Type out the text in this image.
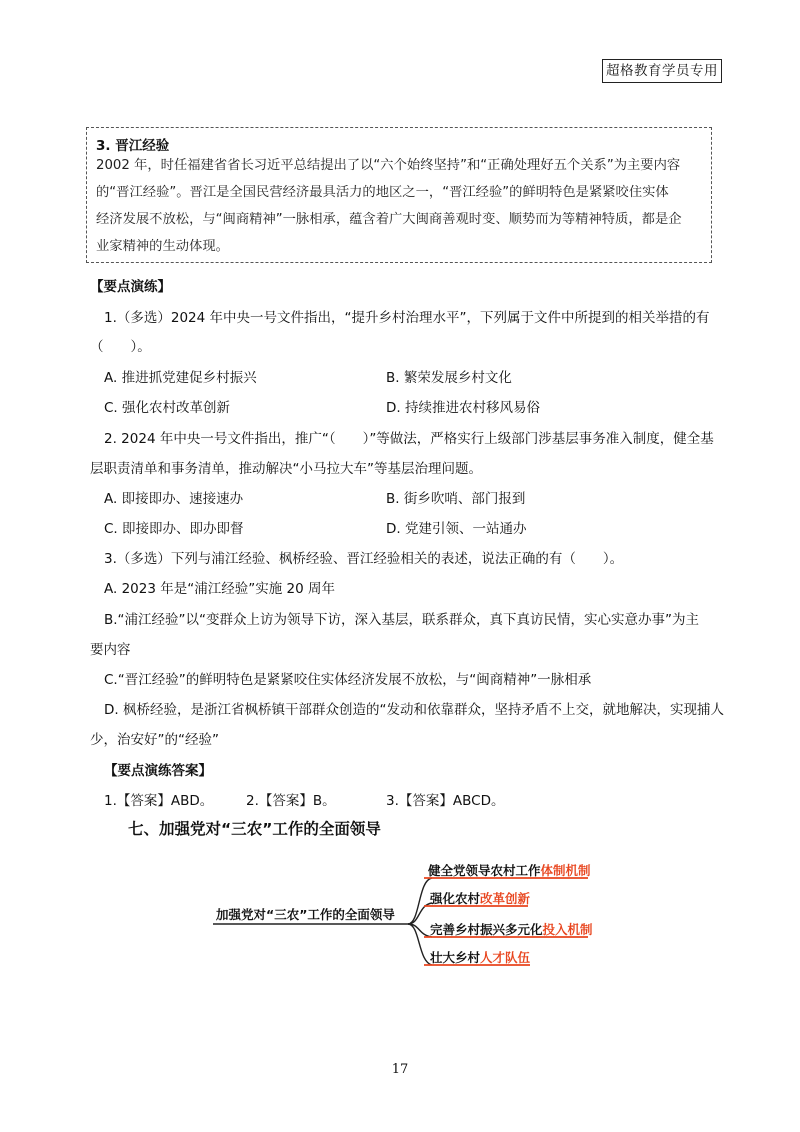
超格教育学员专用
3. 晋江经验
2002 年，时任福建省省长习近平总结提出了以“六个始终坚持”和“正确处理好五个关系”为主要内容
的“晋江经验”。晋江是全国民营经济最具活力的地区之一，“晋江经验”的鲜明特色是紧紧咬住实体
经济发展不放松，与“闽商精神”一脉相承，蕴含着广大闽商善观时变、顺势而为等精神特质，都是企
业家精神的生动体现。
【要点演练】
1.（多选）2024 年中央一号文件指出，“提升乡村治理水平”，下列属于文件中所提到的相关举措的有
（　　）。
A. 推进抓党建促乡村振兴	B. 繁荣发展乡村文化
C. 强化农村改革创新	D. 持续推进农村移风易俗
2. 2024 年中央一号文件指出，推广“（　　）”等做法，严格实行上级部门涉基层事务准入制度，健全基
层职责清单和事务清单，推动解决“小马拉大车”等基层治理问题。
A. 即接即办、速接速办	B. 街乡吹哨、部门报到
C. 即接即办、即办即督	D. 党建引领、一站通办
3.（多选）下列与浦江经验、枫桥经验、晋江经验相关的表述，说法正确的有（　　）。
A. 2023 年是“浦江经验”实施 20 周年
B.“浦江经验”以“变群众上访为领导下访，深入基层，联系群众，真下真访民情，实心实意办事”为主
要内容
C.“晋江经验”的鲜明特色是紧紧咬住实体经济发展不放松，与“闽商精神”一脉相承
D. 枫桥经验，是浙江省枫桥镇干部群众创造的“发动和依靠群众，坚持矛盾不上交，就地解决，实现捕人
少，治安好”的“经验”
【要点演练答案】
1.【答案】ABD。 2.【答案】B。	3.【答案】ABCD。
七、加强党对“三农”工作的全面领导
加强党对“三农”工作的全面领导
健全党领导农村工作体制机制
强化农村改革创新
完善乡村振兴多元化投入机制
壮大乡村人才队伍
17
